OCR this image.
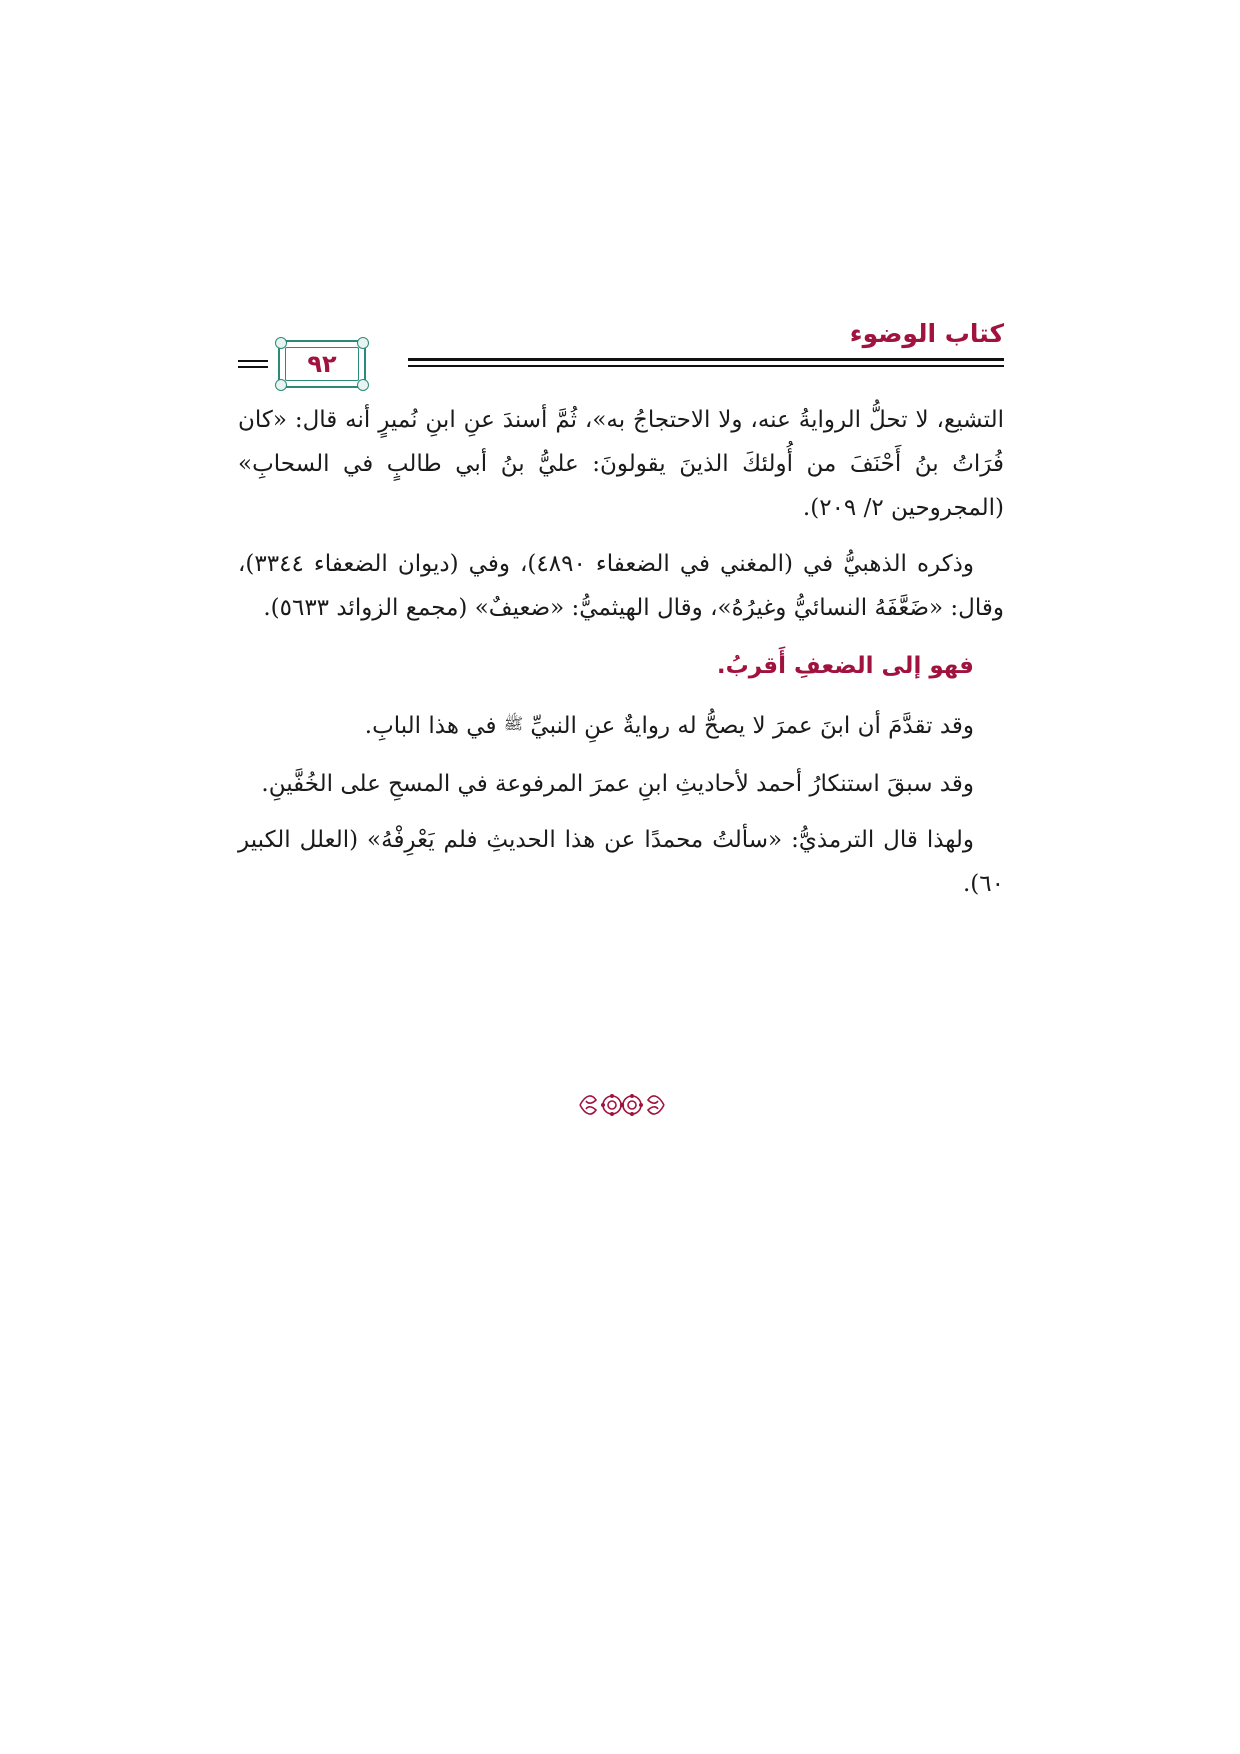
كتاب الوضوء
٩٢

التشيع، لا تحلُّ الروايةُ عنه، ولا الاحتجاجُ به»، ثُمَّ أسندَ عنِ ابنِ نُميرٍ أنه قال: «كان فُرَاتُ بنُ أَحْنَفَ من أُولئكَ الذينَ يقولونَ: عليُّ بنُ أبي طالبٍ في السحابِ» (المجروحين ٢/ ٢٠٩).

وذكره الذهبيُّ في (المغني في الضعفاء ٤٨٩٠)، وفي (ديوان الضعفاء ٣٣٤٤)، وقال: «ضَعَّفَهُ النسائيُّ وغيرُهُ»، وقال الهيثميُّ: «ضعيفٌ» (مجمع الزوائد ٥٦٣٣).

فهو إلى الضعفِ أَقربُ.

وقد تقدَّمَ أن ابنَ عمرَ لا يصحُّ له روايةٌ عنِ النبيِّ ﷺ في هذا البابِ.

وقد سبقَ استنكارُ أحمد لأحاديثِ ابنِ عمرَ المرفوعة في المسحِ على الخُفَّينِ.

ولهذا قال الترمذيُّ: «سألتُ محمدًا عن هذا الحديثِ فلم يَعْرِفْهُ» (العلل الكبير ٦٠).
